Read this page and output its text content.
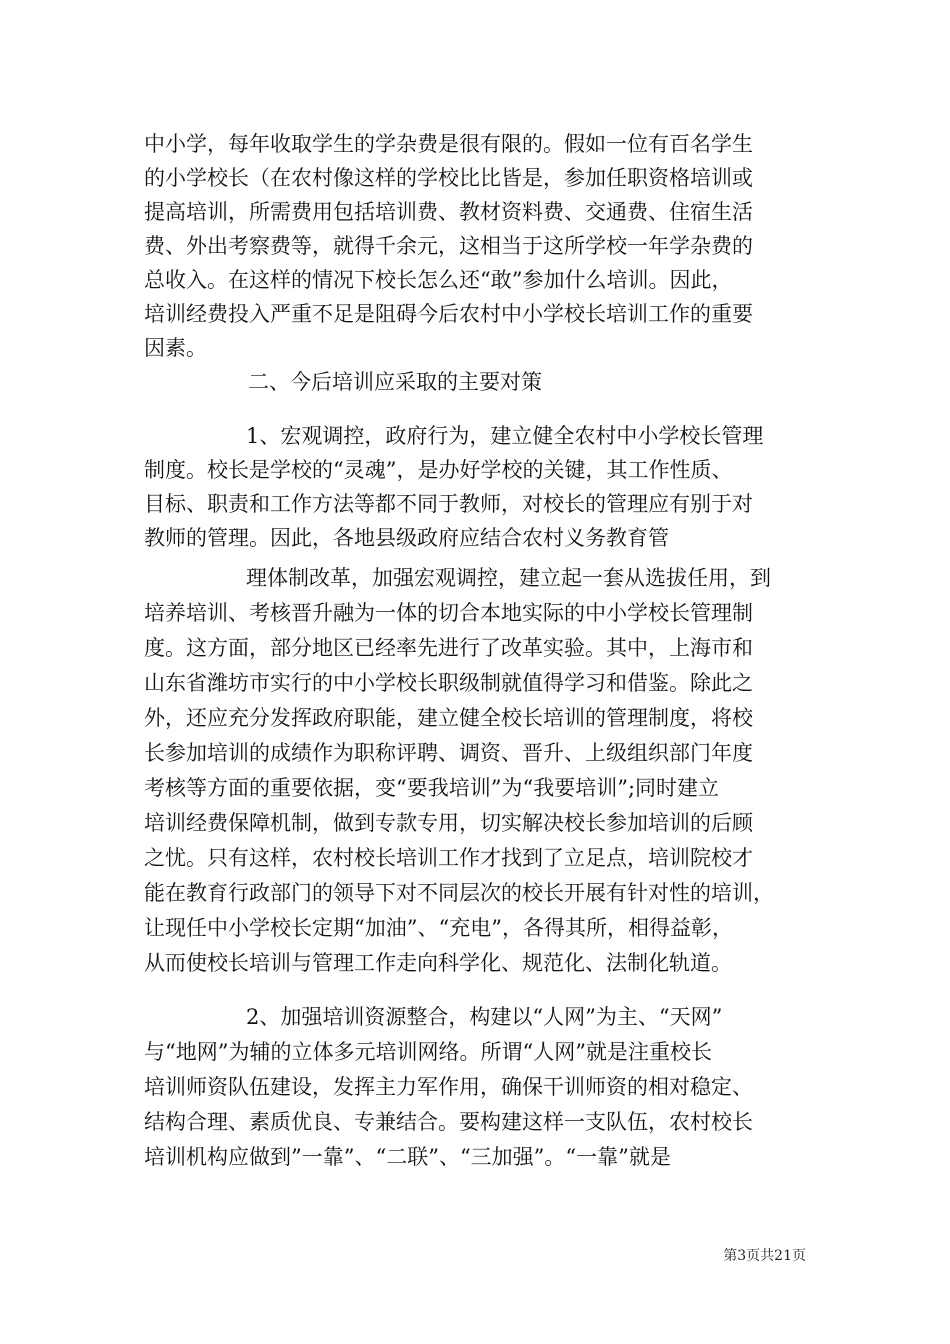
中小学，每年收取学生的学杂费是很有限的。假如一位有百名学生
的小学校长（在农村像这样的学校比比皆是，参加任职资格培训或
提高培训，所需费用包括培训费、教材资料费、交通费、住宿生活
费、外出考察费等，就得千余元，这相当于这所学校一年学杂费的
总收入。在这样的情况下校长怎么还“敢”参加什么培训。因此，
培训经费投入严重不足是阻碍今后农村中小学校长培训工作的重要
因素。
二、今后培训应采取的主要对策
1、宏观调控，政府行为，建立健全农村中小学校长管理
制度。校长是学校的“灵魂”，是办好学校的关键，其工作性质、
目标、职责和工作方法等都不同于教师，对校长的管理应有别于对
教师的管理。因此，各地县级政府应结合农村义务教育管
理体制改革，加强宏观调控，建立起一套从选拔任用，到
培养培训、考核晋升融为一体的切合本地实际的中小学校长管理制
度。这方面，部分地区已经率先进行了改革实验。其中，上海市和
山东省潍坊市实行的中小学校长职级制就值得学习和借鉴。除此之
外，还应充分发挥政府职能，建立健全校长培训的管理制度，将校
长参加培训的成绩作为职称评聘、调资、晋升、上级组织部门年度
考核等方面的重要依据，变“要我培训”为“我要培训”;同时建立
培训经费保障机制，做到专款专用，切实解决校长参加培训的后顾
之忧。只有这样，农村校长培训工作才找到了立足点，培训院校才
能在教育行政部门的领导下对不同层次的校长开展有针对性的培训，
让现任中小学校长定期“加油”、“充电”，各得其所，相得益彰，
从而使校长培训与管理工作走向科学化、规范化、法制化轨道。
2、加强培训资源整合，构建以“人网”为主、“天网”
与“地网”为辅的立体多元培训网络。所谓“人网”就是注重校长
培训师资队伍建设，发挥主力军作用，确保干训师资的相对稳定、
结构合理、素质优良、专兼结合。要构建这样一支队伍，农村校长
培训机构应做到”一靠”、“二联”、“三加强”。“一靠”就是
第3页共21页
